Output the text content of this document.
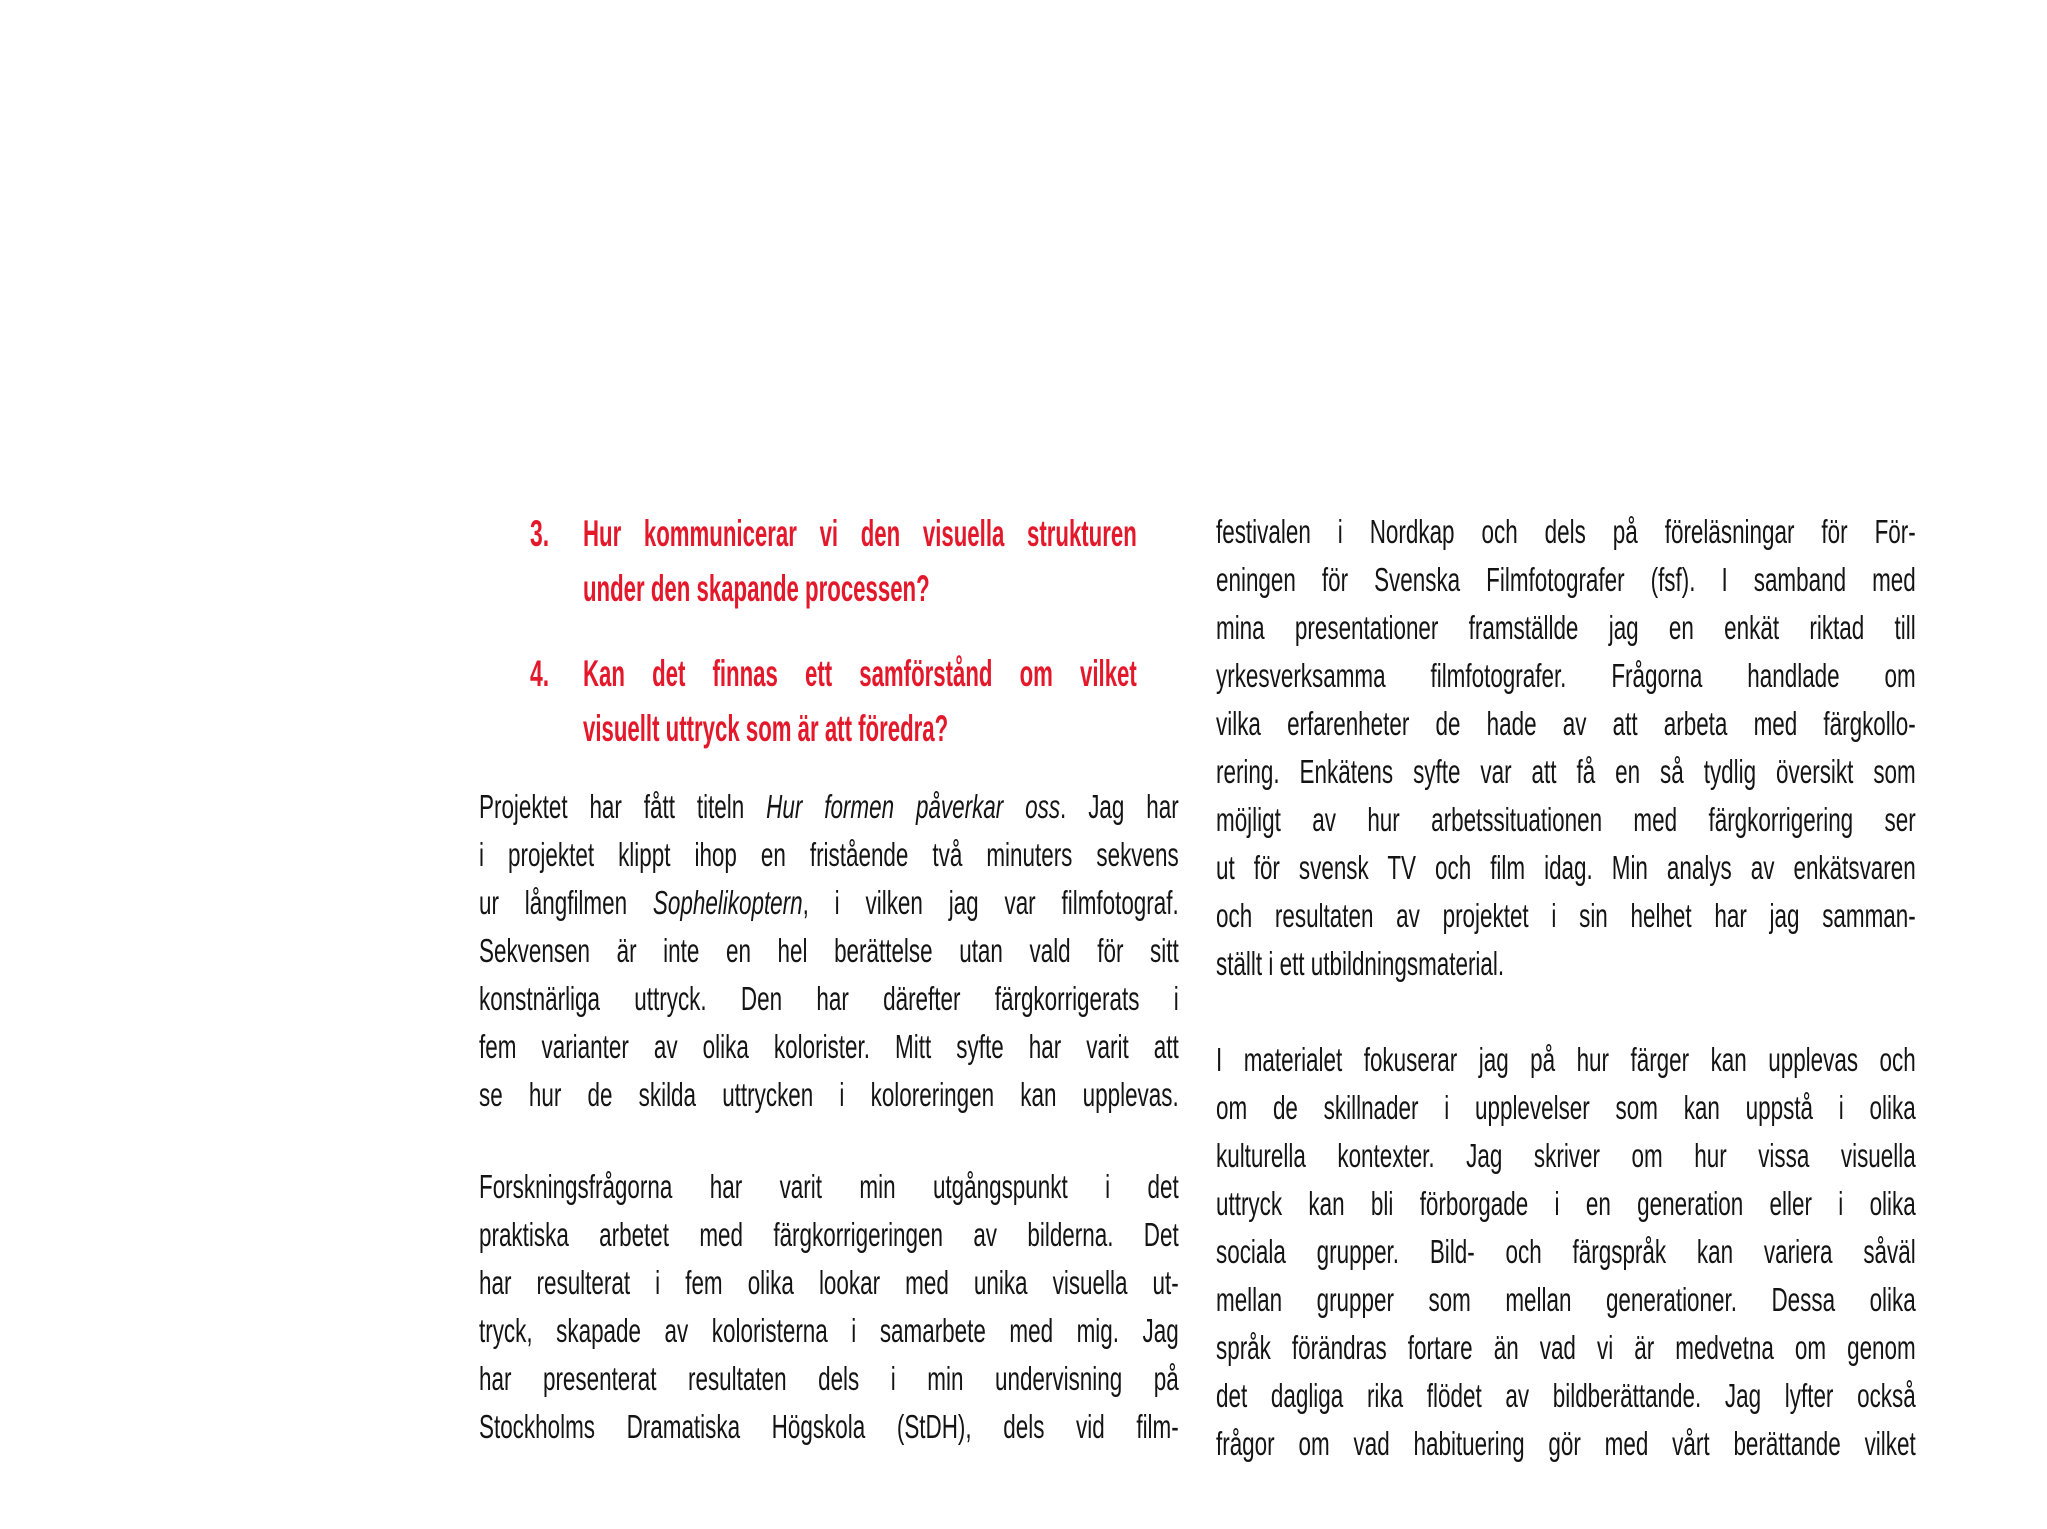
3. Hur kommunicerar vi den visuella strukturen
under den skapande processen?
4. Kan det finnas ett samförstånd om vilket
visuellt uttryck som är att föredra?
Projektet har fått titeln Hur formen påverkar oss. Jag har
i projektet klippt ihop en fristående två minuters sekvens
ur långfilmen Sophelikoptern, i vilken jag var filmfotograf.
Sekvensen är inte en hel berättelse utan vald för sitt
konstnärliga uttryck. Den har därefter färgkorrigerats i
fem varianter av olika kolorister. Mitt syfte har varit att
se hur de skilda uttrycken i koloreringen kan upplevas.
Forskningsfrågorna har varit min utgångspunkt i det
praktiska arbetet med färgkorrigeringen av bilderna. Det
har resulterat i fem olika lookar med unika visuella ut-
tryck, skapade av koloristerna i samarbete med mig. Jag
har presenterat resultaten dels i min undervisning på
Stockholms Dramatiska Högskola (StDH), dels vid film-
festivalen i Nordkap och dels på föreläsningar för För-
eningen för Svenska Filmfotografer (fsf). I samband med
mina presentationer framställde jag en enkät riktad till
yrkesverksamma filmfotografer. Frågorna handlade om
vilka erfarenheter de hade av att arbeta med färgkollo-
rering. Enkätens syfte var att få en så tydlig översikt som
möjligt av hur arbetssituationen med färgkorrigering ser
ut för svensk TV och film idag. Min analys av enkätsvaren
och resultaten av projektet i sin helhet har jag samman-
ställt i ett utbildningsmaterial.
I materialet fokuserar jag på hur färger kan upplevas och
om de skillnader i upplevelser som kan uppstå i olika
kulturella kontexter. Jag skriver om hur vissa visuella
uttryck kan bli förborgade i en generation eller i olika
sociala grupper. Bild- och färgspråk kan variera såväl
mellan grupper som mellan generationer. Dessa olika
språk förändras fortare än vad vi är medvetna om genom
det dagliga rika flödet av bildberättande. Jag lyfter också
frågor om vad habituering gör med vårt berättande vilket
